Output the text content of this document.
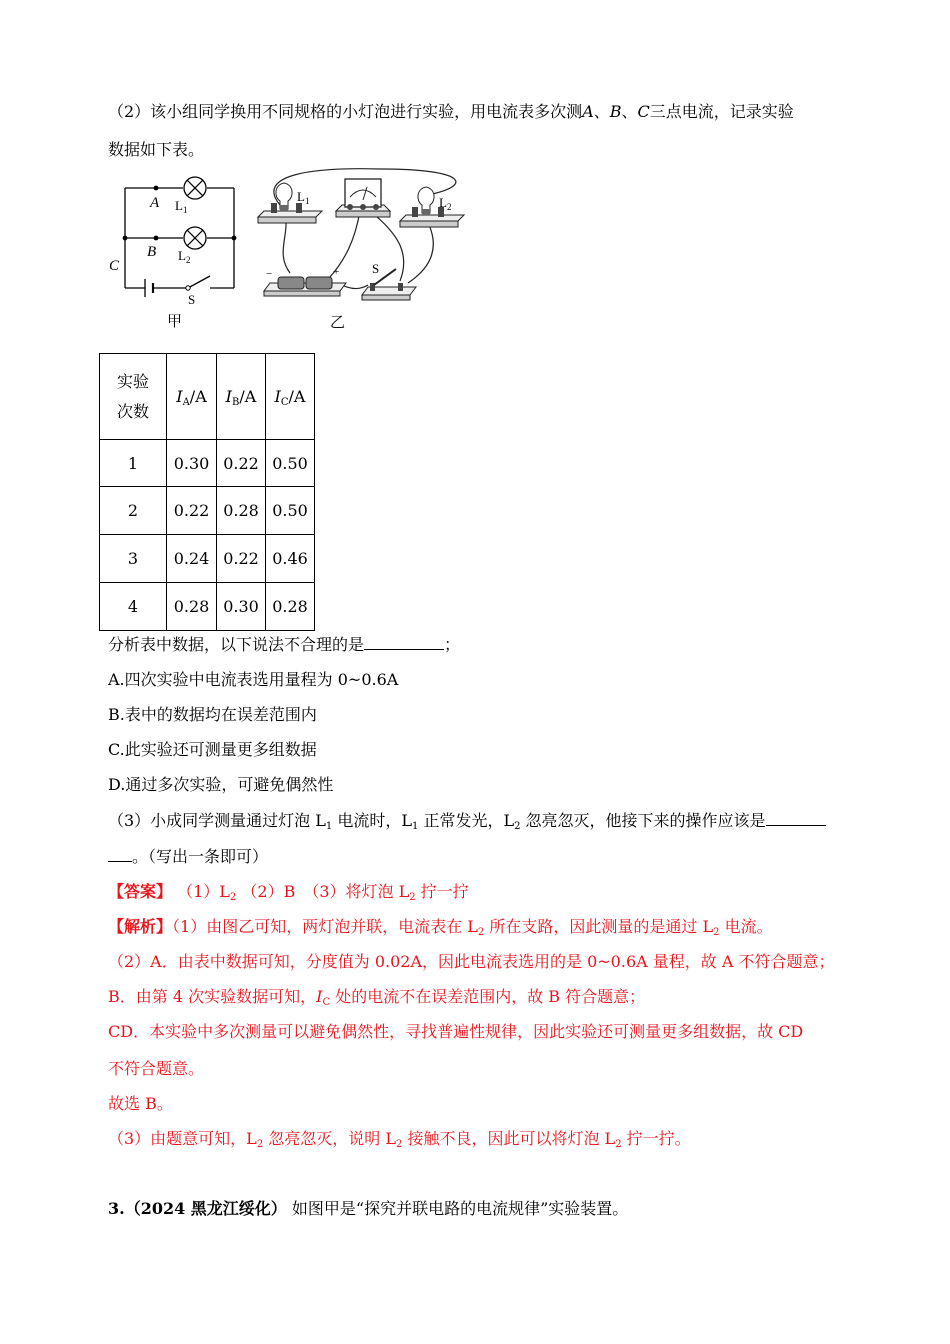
（2）该小组同学换用不同规格的小灯泡进行实验，用电流表多次测A、B、C三点电流，记录实验
数据如下表。
A
B
C
$L_1$
$L_2$
S
甲
$L_1$	$L_2$
−	+	S
乙
实验
次数	$I_A/A$	$I_B/A$	$I_C/A$
1	0.30	0.22	0.50
2	0.22	0.28	0.50
3	0.24	0.22	0.46
4	0.28	0.30	0.28
分析表中数据，以下说法不合理的是	；
A.四次实验中电流表选用量程为 0~0.6A
B.表中的数据均在误差范围内
C.此实验还可测量更多组数据
D.通过多次实验，可避免偶然性
（3）小成同学测量通过灯泡 $L_1$ 电流时，$L_1$ 正常发光，$L_2$ 忽亮忽灭，他接下来的操作应该是
。（写出一条即可）
【答案】 $(1)L_2$ （2）B　（3）将灯泡 $L_2$ 拧一拧
【解析】（1）由图乙可知，两灯泡并联，电流表在 $L_2$ 所在支路，因此测量的是通过 $L_2$ 电流。
（2）A．由表中数据可知，分度值为 0.02A，因此电流表选用的是 0~0.6A 量程，故 A 不符合题意；
B．由第 4 次实验数据可知，$I_C$ 处的电流不在误差范围内，故 B 符合题意；
CD．本实验中多次测量可以避免偶然性，寻找普遍性规律，因此实验还可测量更多组数据，故 CD
不符合题意。
故选 B。
（3）由题意可知，$L_2$ 忽亮忽灭，说明 $L_2$ 接触不良，因此可以将灯泡 $L_2$ 拧一拧。
3.（2024 黑龙江绥化） 如图甲是“探究并联电路的电流规律”实验装置。
